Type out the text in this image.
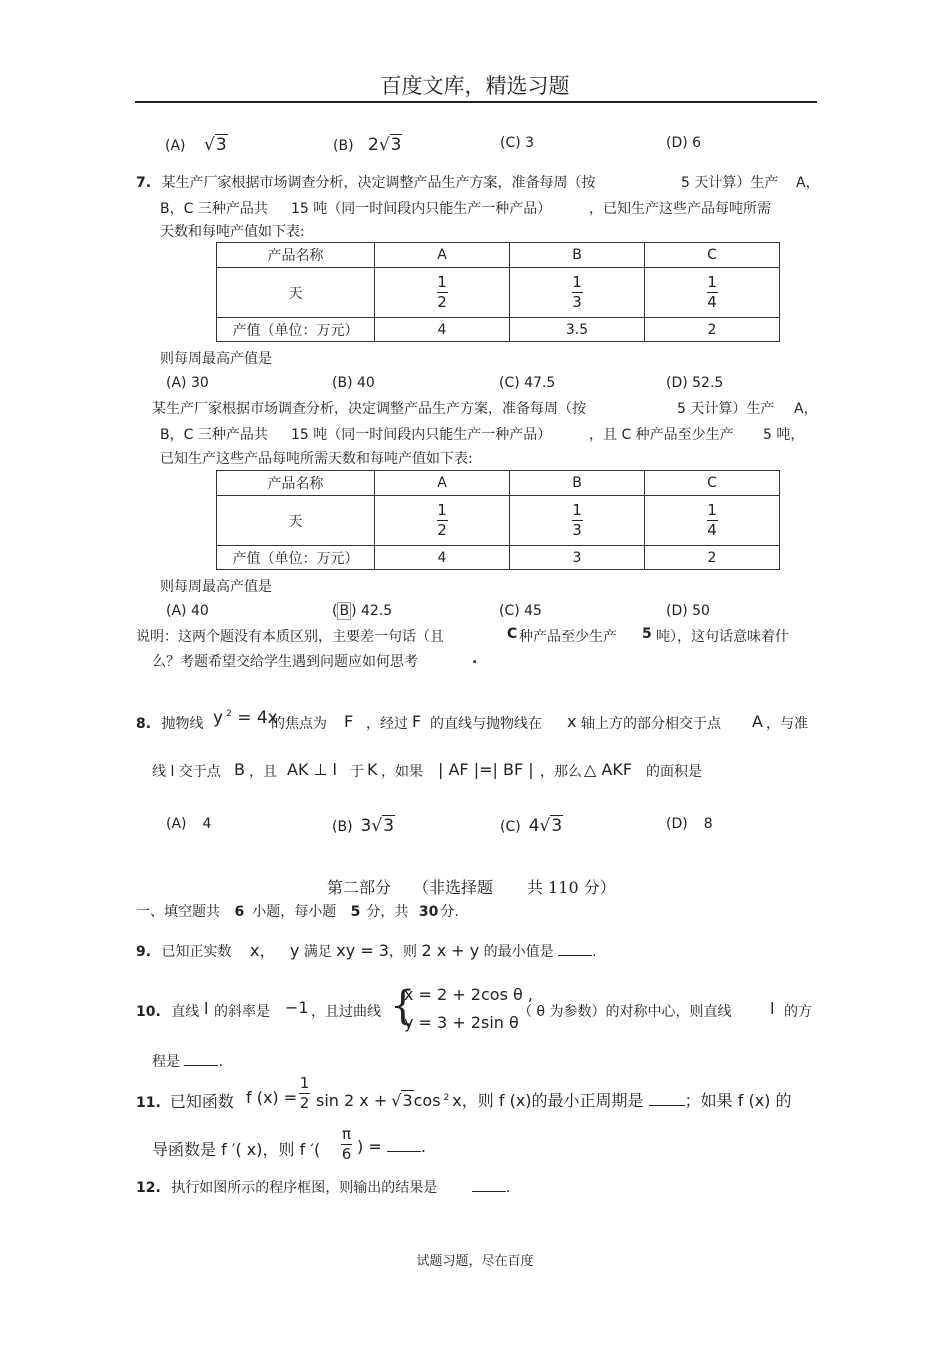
百度文库，精选习题
(A) √3	(B) 2√3	(C) 3	(D) 6
7. 某生产厂家根据市场调查分析，决定调整产品生产方案，准备每周（按	5 天计算）生产 A，
B，C 三种产品共 15 吨（同一时间段内只能生产一种产品）	，已知生产这些产品每吨所需
天数和每吨产值如下表:
产品名称	A	B	C
天	$\frac{1}{2}$	$\frac{1}{3}$	$\frac{1}{4}$

产值（单位：万元）	4	3.5	2
则每周最高产值是
(A) 30	(B) 40	(C) 47.5	(D) 52.5
某生产厂家根据市场调查分析，决定调整产品生产方案，准备每周（按	5 天计算）生产 A，
B，C 三种产品共 15 吨（同一时间段内只能生产一种产品）	，且 C 种产品至少生产 5 吨，
已知生产这些产品每吨所需天数和每吨产值如下表:
产品名称	A	B	C
天	$\frac{1}{2}$	$\frac{1}{3}$	$\frac{1}{4}$

产值（单位：万元）	4	3	2
则每周最高产值是
(A) 40	( B ) 42.5	(C) 45	(D) 50
说明：这两个题没有本质区别，主要差一句话（且	C 种产品至少生产 5 吨），这句话意味着什
么？考题希望交给学生遇到问题应如何思考	.
8. 抛物线 y $^2$ = 4x
的焦点为 F ，经过 F 的直线与抛物线在 x 轴上方的部分相交于点 A ，与准
线 l 交于点 B ，且 AK ⊥ l 于 K ，如果 | AF |=| BF | ，那么 △ AKF 的面积是
(A) 4	(B) 3√3	(C) 4√3	(D) 8
第二部分 （非选择题 共 110 分）
一、填空题共 6 小题，每小题 5 分，共 30 分.
9. 已知正实数 x， y 满足 xy = 3，则 2 x + y 的最小值是	.
10. 直线 l 的斜率是 −1 ，且过曲线 {
x = 2 + 2cos θ ,
y = 3 + 2sin θ
（ θ 为参数）的对称中心，则直线 l 的方
程是	.
11. 已知函数 f $(x) = \frac{1}{2}$ sin 2 x + √3cos $^2$ x，则 f (x)的最小正周期是	；如果 f (x) 的
导函数是 f ′( x)，则 f ′( $\frac{\pi}{6}$ ) = .
12. 执行如图所示的程序框图，则输出的结果是	.
试题习题，尽在百度
